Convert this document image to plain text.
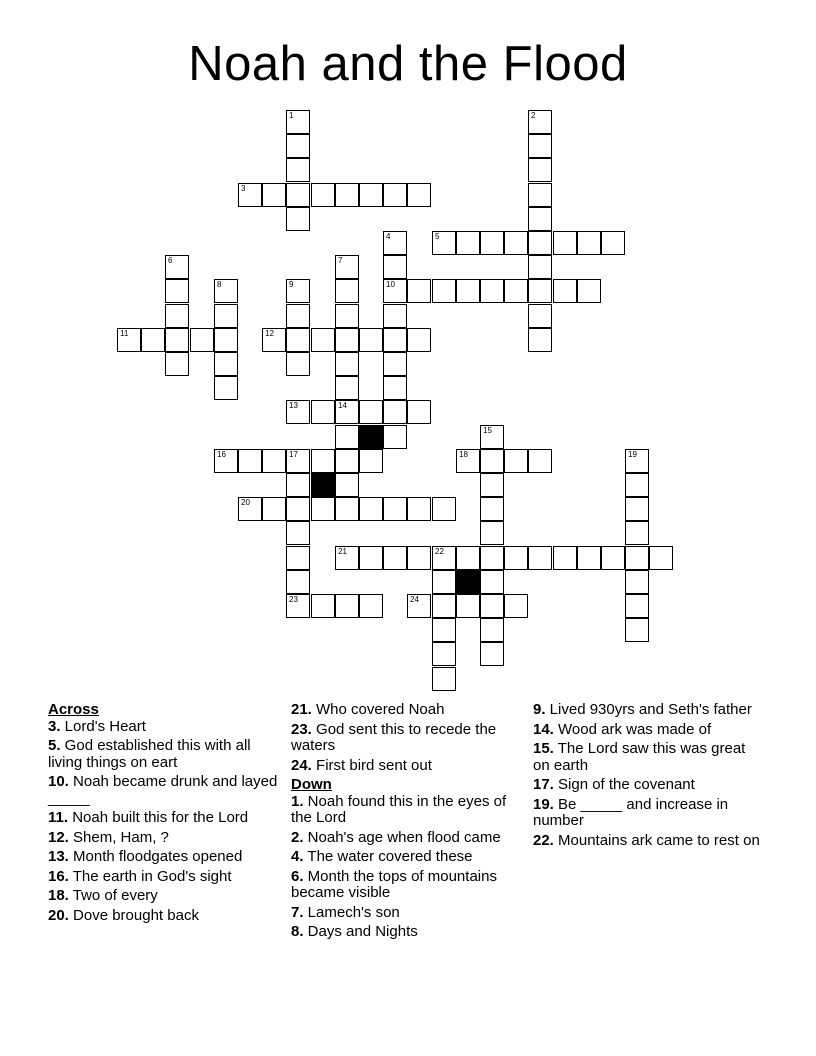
Noah and the Flood
3
5
10
11	12
13	14
16	17	18
20
21	22
23	24
1	2
4
6	7
8	9
15
19
Across
3. Lord's Heart
5. God established this with all living things on eart
10. Noah became drunk and layed _____
11. Noah built this for the Lord
12. Shem, Ham, ?
13. Month floodgates opened
16. The earth in God's sight
18. Two of every
20. Dove brought back
21. Who covered Noah
23. God sent this to recede the waters
24. First bird sent out
Down
1. Noah found this in the eyes of the Lord
2. Noah's age when flood came
4. The water covered these
6. Month the tops of mountains became visible
7. Lamech's son
8. Days and Nights
9. Lived 930yrs and Seth's father
14. Wood ark was made of
15. The Lord saw this was great on earth
17. Sign of the covenant
19. Be _____ and increase in number
22. Mountains ark came to rest on
